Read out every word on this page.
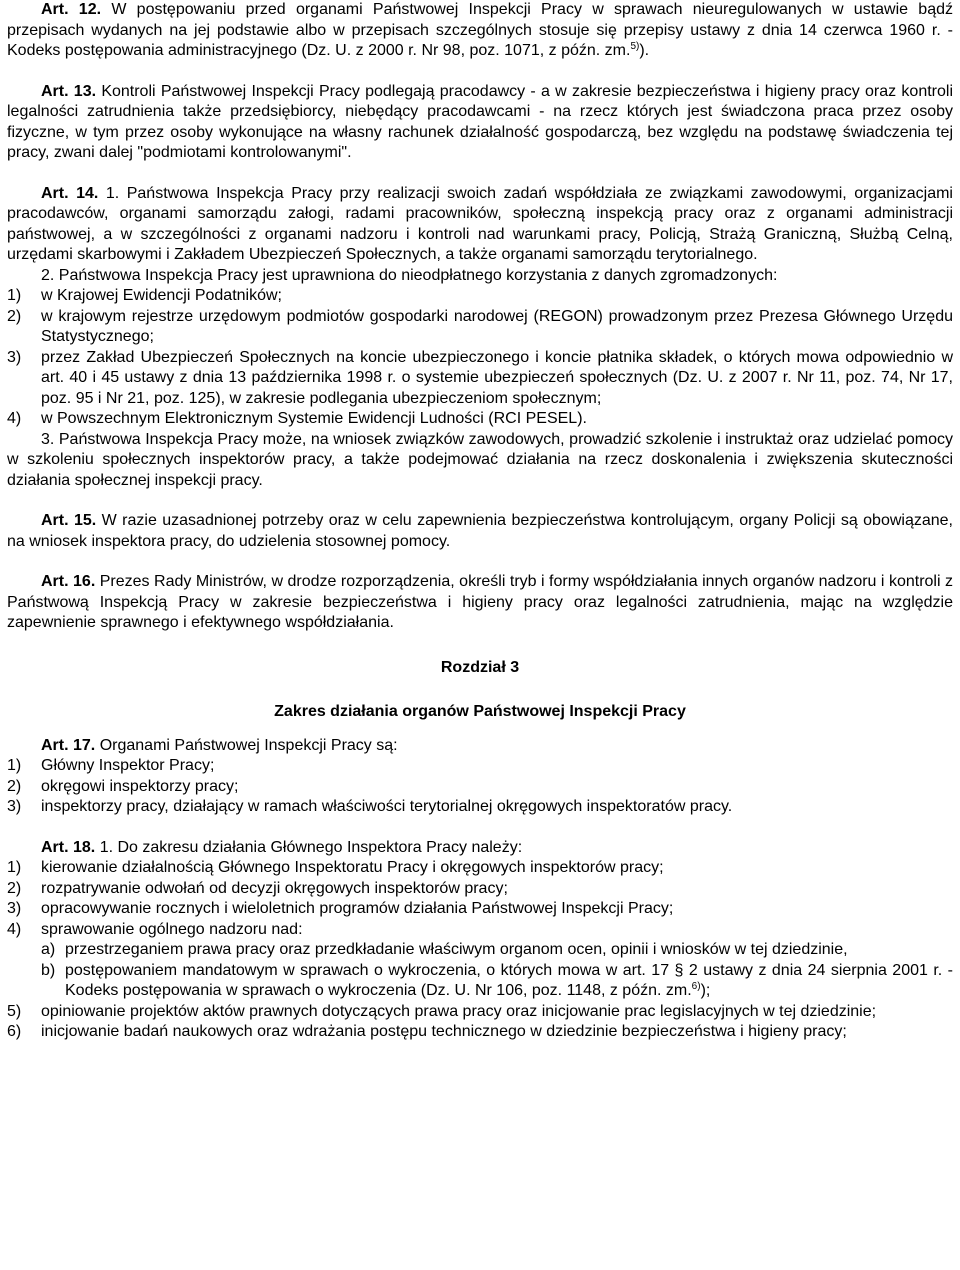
Art. 12. W postępowaniu przed organami Państwowej Inspekcji Pracy w sprawach nieuregulowanych w ustawie bądź przepisach wydanych na jej podstawie albo w przepisach szczególnych stosuje się przepisy ustawy z dnia 14 czerwca 1960 r. - Kodeks postępowania administracyjnego (Dz. U. z 2000 r. Nr 98, poz. 1071, z późn. zm.$^{5)}$).

Art. 13. Kontroli Państwowej Inspekcji Pracy podlegają pracodawcy - a w zakresie bezpieczeństwa i higieny pracy oraz kontroli legalności zatrudnienia także przedsiębiorcy, niebędący pracodawcami - na rzecz których jest świadczona praca przez osoby fizyczne, w tym przez osoby wykonujące na własny rachunek działalność gospodarczą, bez względu na podstawę świadczenia tej pracy, zwani dalej "podmiotami kontrolowanymi".

Art. 14. 1. Państwowa Inspekcja Pracy przy realizacji swoich zadań współdziała ze związkami zawodowymi, organizacjami pracodawców, organami samorządu załogi, radami pracowników, społeczną inspekcją pracy oraz z organami administracji państwowej, a w szczególności z organami nadzoru i kontroli nad warunkami pracy, Policją, Strażą Graniczną, Służbą Celną, urzędami skarbowymi i Zakładem Ubezpieczeń Społecznych, a także organami samorządu terytorialnego.

2. Państwowa Inspekcja Pracy jest uprawniona do nieodpłatnego korzystania z danych zgromadzonych:

1) w Krajowej Ewidencji Podatników;

2) w krajowym rejestrze urzędowym podmiotów gospodarki narodowej (REGON) prowadzonym przez Prezesa Głównego Urzędu Statystycznego;

3) przez Zakład Ubezpieczeń Społecznych na koncie ubezpieczonego i koncie płatnika składek, o których mowa odpowiednio w art. 40 i 45 ustawy z dnia 13 października 1998 r. o systemie ubezpieczeń społecznych (Dz. U. z 2007 r. Nr 11, poz. 74, Nr 17, poz. 95 i Nr 21, poz. 125), w zakresie podlegania ubezpieczeniom społecznym;

4) w Powszechnym Elektronicznym Systemie Ewidencji Ludności (RCI PESEL).

3. Państwowa Inspekcja Pracy może, na wniosek związków zawodowych, prowadzić szkolenie i instruktaż oraz udzielać pomocy w szkoleniu społecznych inspektorów pracy, a także podejmować działania na rzecz doskonalenia i zwiększenia skuteczności działania społecznej inspekcji pracy.

Art. 15. W razie uzasadnionej potrzeby oraz w celu zapewnienia bezpieczeństwa kontrolującym, organy Policji są obowiązane, na wniosek inspektora pracy, do udzielenia stosownej pomocy.

Art. 16. Prezes Rady Ministrów, w drodze rozporządzenia, określi tryb i formy współdziałania innych organów nadzoru i kontroli z Państwową Inspekcją Pracy w zakresie bezpieczeństwa i higieny pracy oraz legalności zatrudnienia, mając na względzie zapewnienie sprawnego i efektywnego współdziałania.

Rozdział 3

Zakres działania organów Państwowej Inspekcji Pracy

Art. 17. Organami Państwowej Inspekcji Pracy są:

1) Główny Inspektor Pracy;

2) okręgowi inspektorzy pracy;

3) inspektorzy pracy, działający w ramach właściwości terytorialnej okręgowych inspektoratów pracy.

Art. 18. 1. Do zakresu działania Głównego Inspektora Pracy należy:

1) kierowanie działalnością Głównego Inspektoratu Pracy i okręgowych inspektorów pracy;

2) rozpatrywanie odwołań od decyzji okręgowych inspektorów pracy;

3) opracowywanie rocznych i wieloletnich programów działania Państwowej Inspekcji Pracy;

4) sprawowanie ogólnego nadzoru nad:

a) przestrzeganiem prawa pracy oraz przedkładanie właściwym organom ocen, opinii i wniosków w tej dziedzinie,

b) postępowaniem mandatowym w sprawach o wykroczenia, o których mowa w art. 17 § 2 ustawy z dnia 24 sierpnia 2001 r. - Kodeks postępowania w sprawach o wykroczenia (Dz. U. Nr 106, poz. 1148, z późn. zm.$^{6)}$);

5) opiniowanie projektów aktów prawnych dotyczących prawa pracy oraz inicjowanie prac legislacyjnych w tej dziedzinie;

6) inicjowanie badań naukowych oraz wdrażania postępu technicznego w dziedzinie bezpieczeństwa i higieny pracy;
